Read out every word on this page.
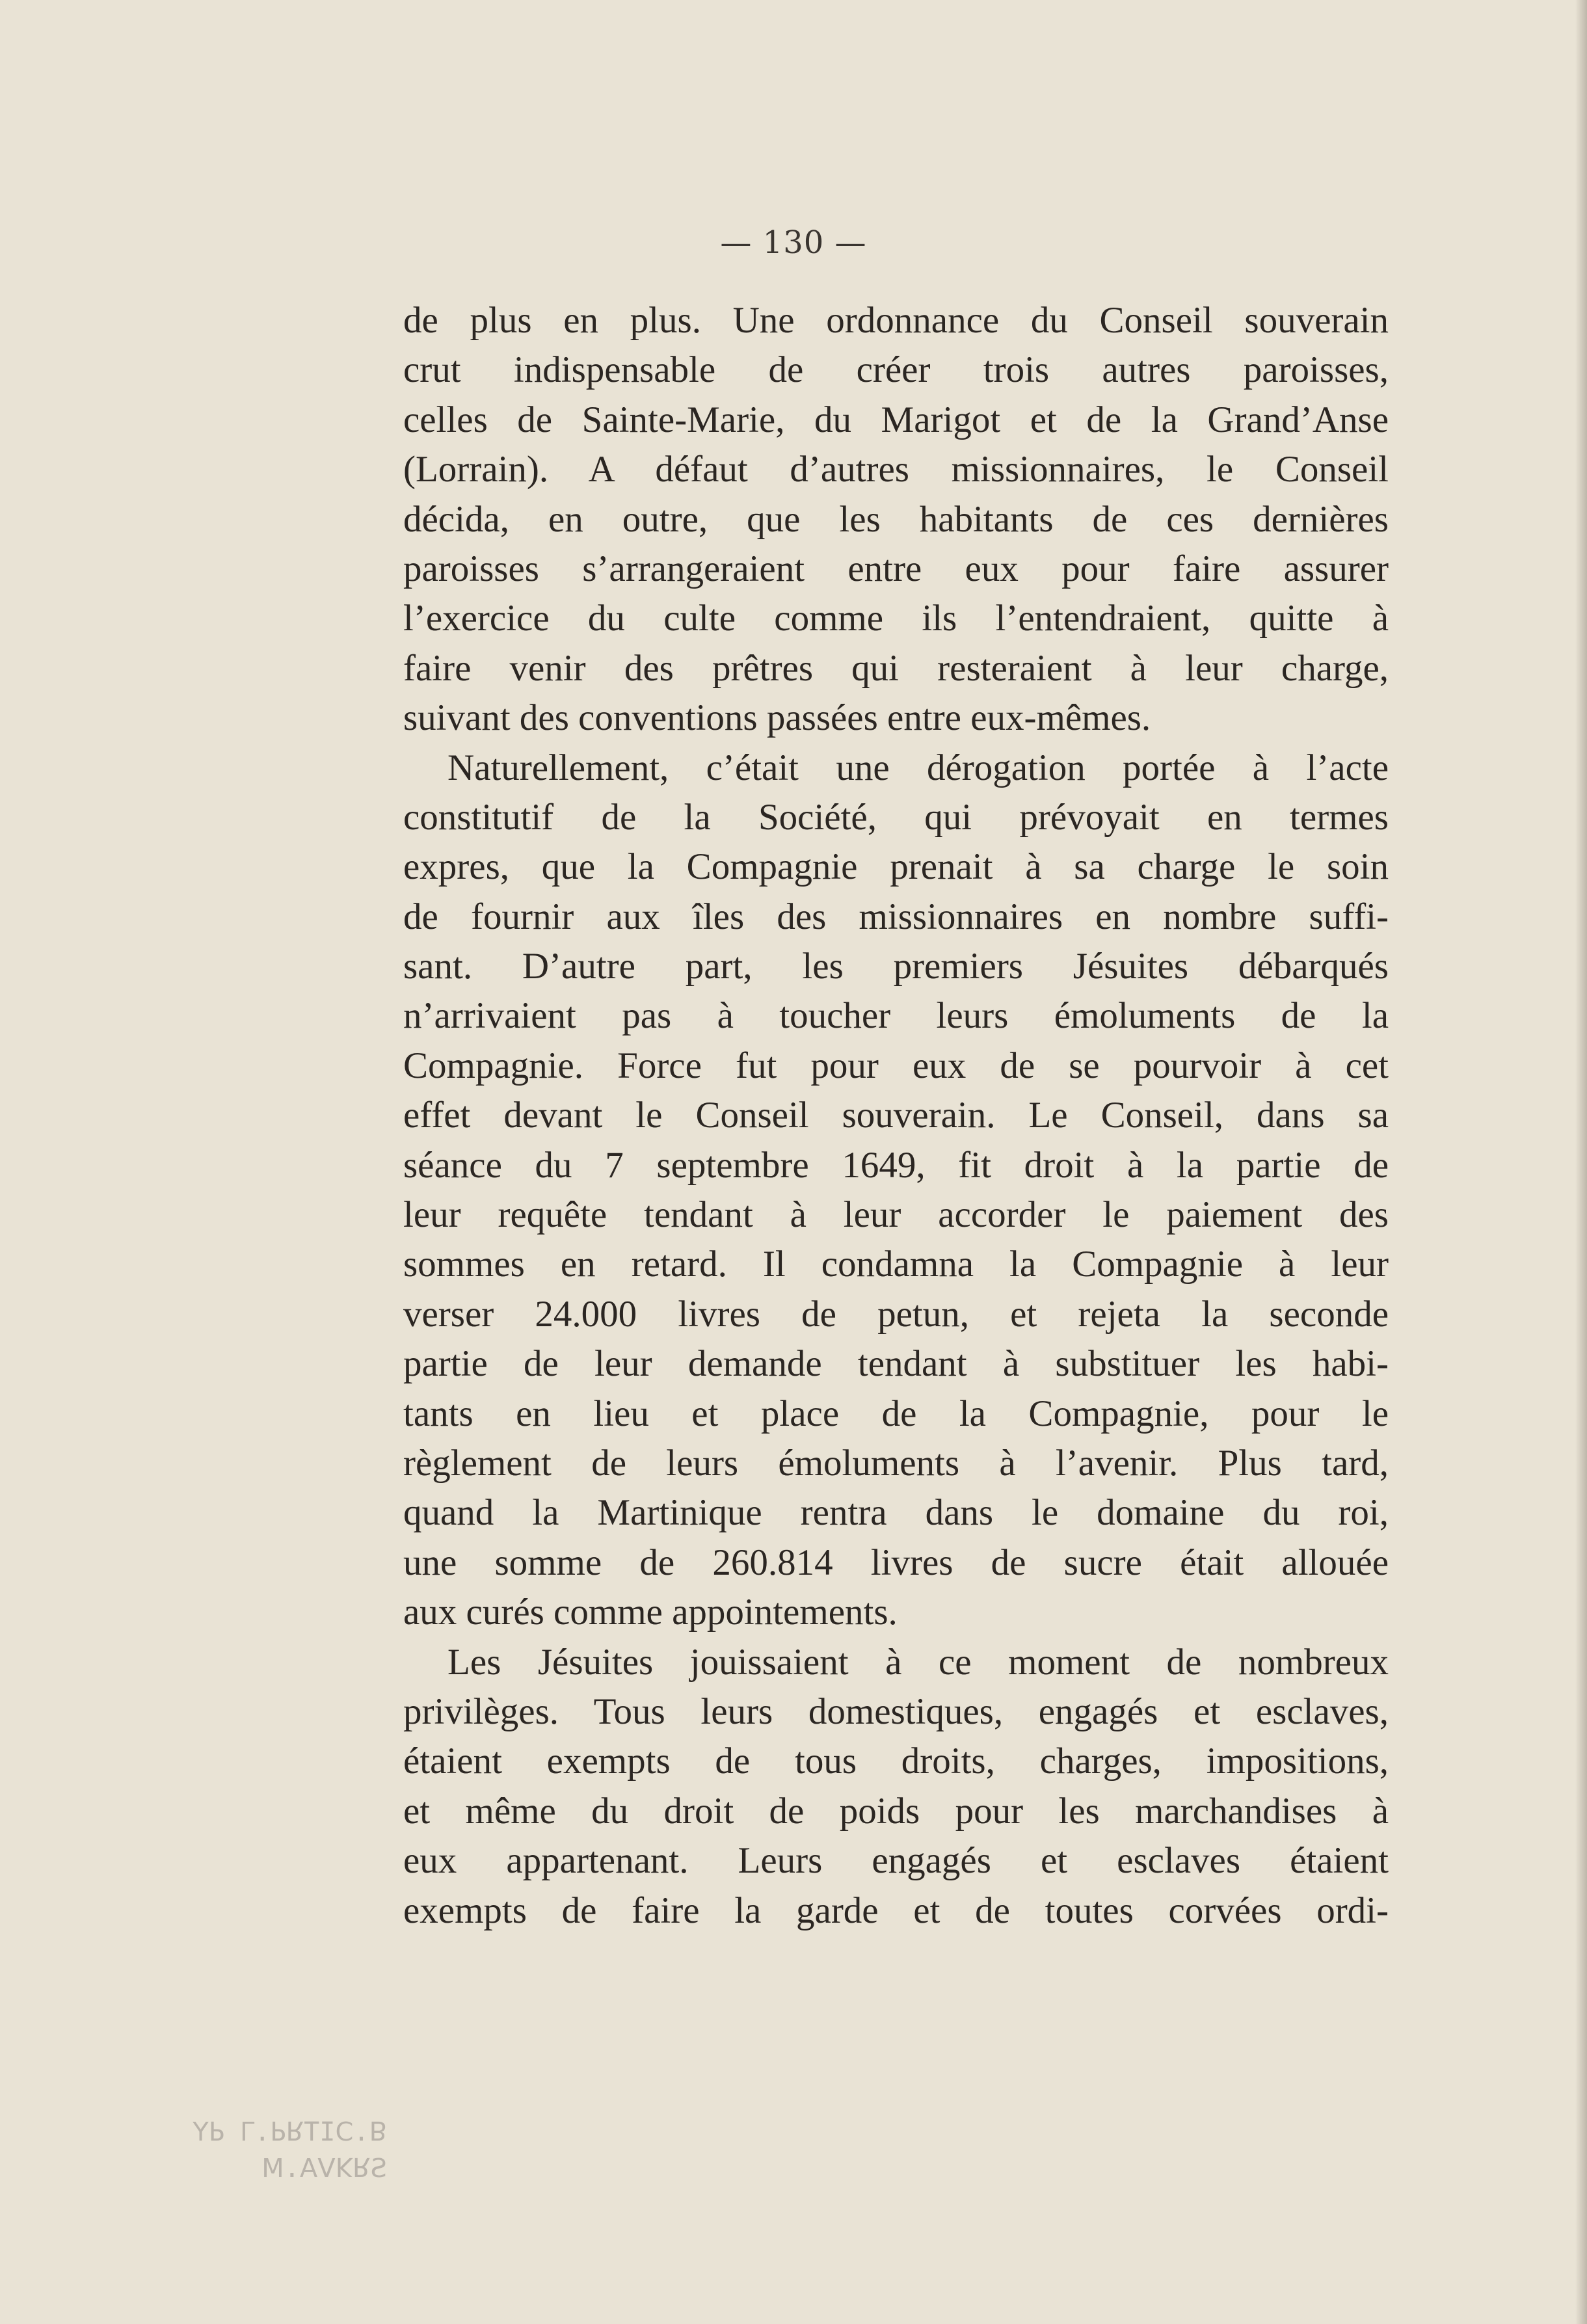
— 130 —
de plus en plus. Une ordonnance du Conseil souverain
crut indispensable de créer trois autres paroisses,
celles de Sainte-Marie, du Marigot et de la Grand’Anse
(Lorrain). A défaut d’autres missionnaires, le Conseil
décida, en outre, que les habitants de ces dernières
paroisses s’arrangeraient entre eux pour faire assurer
l’exercice du culte comme ils l’entendraient, quitte à
faire venir des prêtres qui resteraient à leur charge,
suivant des conventions passées entre eux-mêmes.
Naturellement, c’était une dérogation portée à l’acte
constitutif de la Société, qui prévoyait en termes
expres, que la Compagnie prenait à sa charge le soin
de fournir aux îles des missionnaires en nombre suffi-
sant. D’autre part, les premiers Jésuites débarqués
n’arrivaient pas à toucher leurs émoluments de la
Compagnie. Force fut pour eux de se pourvoir à cet
effet devant le Conseil souverain. Le Conseil, dans sa
séance du 7 septembre 1649, fit droit à la partie de
leur requête tendant à leur accorder le paiement des
sommes en retard. Il condamna la Compagnie à leur
verser 24.000 livres de petun, et rejeta la seconde
partie de leur demande tendant à substituer les habi-
tants en lieu et place de la Compagnie, pour le
règlement de leurs émoluments à l’avenir. Plus tard,
quand la Martinique rentra dans le domaine du roi,
une somme de 260.814 livres de sucre était allouée
aux curés comme appointements.
Les Jésuites jouissaient à ce moment de nombreux
privilèges. Tous leurs domestiques, engagés et esclaves,
étaient exempts de tous droits, charges, impositions,
et même du droit de poids pour les marchandises à
eux appartenant. Leurs engagés et esclaves étaient
exempts de faire la garde et de toutes corvées ordi-
ꓭ.ꓛITꓤꓒ.ꓶ ꓒꓬ
ꓢꓤꓘꓦꓮ.ꓟ
